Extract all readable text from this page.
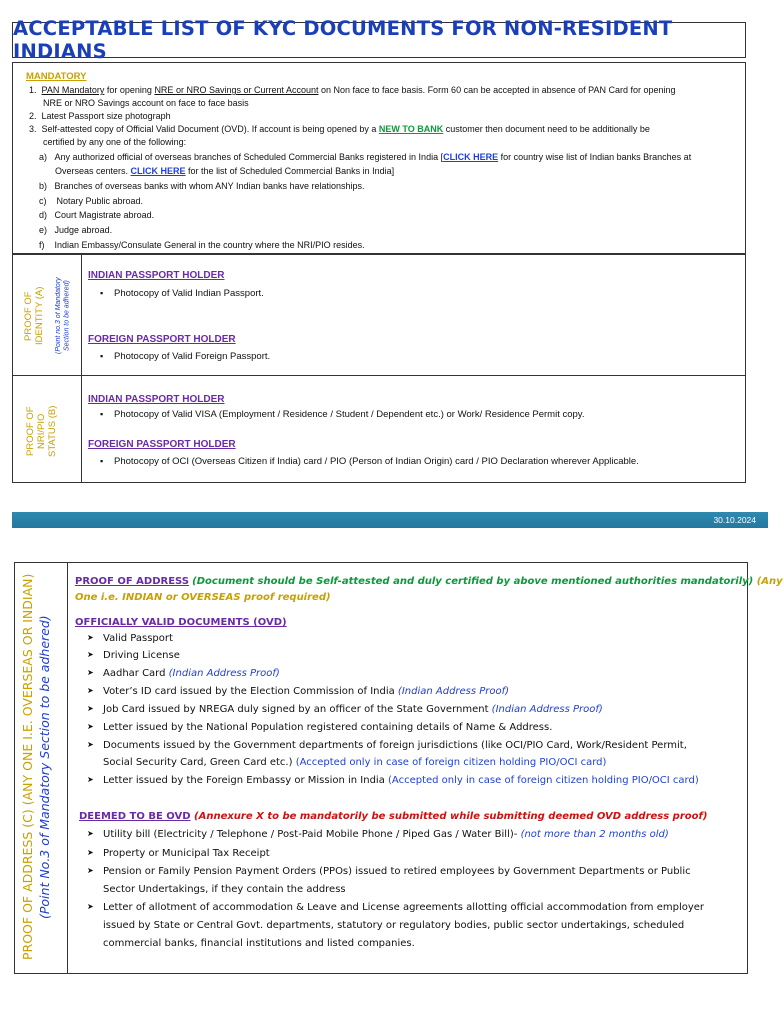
ACCEPTABLE LIST OF KYC DOCUMENTS FOR NON-RESIDENT INDIANS
MANDATORY
1. PAN Mandatory for opening NRE or NRO Savings or Current Account on Non face to face basis. Form 60 can be accepted in absence of PAN Card for opening
NRE or NRO Savings account on face to face basis
2. Latest Passport size photograph
3. Self-attested copy of Official Valid Document (OVD). If account is being opened by a NEW TO BANK customer then document need to be additionally be
certified by any one of the following:
a) Any authorized official of overseas branches of Scheduled Commercial Banks registered in India [CLICK HERE for country wise list of Indian banks Branches at
Overseas centers. CLICK HERE for the list of Scheduled Commercial Banks in India]
b) Branches of overseas banks with whom ANY Indian banks have relationships.
c) Notary Public abroad.
d) Court Magistrate abroad.
e) Judge abroad.
f) Indian Embassy/Consulate General in the country where the NRI/PIO resides.
PROOF OF
IDENTITY (A) (Point no.3 of Mandatory Section to be adhered)
INDIAN PASSPORT HOLDER
▪ Photocopy of Valid Indian Passport.
FOREIGN PASSPORT HOLDER
▪ Photocopy of Valid Foreign Passport.
PROOF OF
NRI/PIO
STATUS (B)
INDIAN PASSPORT HOLDER
▪ Photocopy of Valid VISA (Employment / Residence / Student / Dependent etc.) or Work/ Residence Permit copy.
FOREIGN PASSPORT HOLDER
▪ Photocopy of OCI (Overseas Citizen if India) card / PIO (Person of Indian Origin) card / PIO Declaration wherever Applicable.
30.10.2024
PROOF OF ADDRESS (C) (ANY ONE I.E. OVERSEAS OR INDIAN) (Point No.3 of Mandatory Section to be adhered)
PROOF OF ADDRESS (Document should be Self-attested and duly certified by above mentioned authorities mandatorily) (Any
One i.e. INDIAN or OVERSEAS proof required)
OFFICIALLY VALID DOCUMENTS (OVD)
➤ Valid Passport
➤ Driving License
➤ Aadhar Card (Indian Address Proof)
➤ Voter’s ID card issued by the Election Commission of India (Indian Address Proof)
➤ Job Card issued by NREGA duly signed by an officer of the State Government (Indian Address Proof)
➤ Letter issued by the National Population registered containing details of Name & Address.
➤ Documents issued by the Government departments of foreign jurisdictions (like OCI/PIO Card, Work/Resident Permit,
Social Security Card, Green Card etc.) (Accepted only in case of foreign citizen holding PIO/OCI card)
➤ Letter issued by the Foreign Embassy or Mission in India (Accepted only in case of foreign citizen holding PIO/OCI card)
DEEMED TO BE OVD (Annexure X to be mandatorily be submitted while submitting deemed OVD address proof)
➤ Utility bill (Electricity / Telephone / Post-Paid Mobile Phone / Piped Gas / Water Bill)- (not more than 2 months old)
➤ Property or Municipal Tax Receipt
➤ Pension or Family Pension Payment Orders (PPOs) issued to retired employees by Government Departments or Public
Sector Undertakings, if they contain the address
➤ Letter of allotment of accommodation & Leave and License agreements allotting official accommodation from employer
issued by State or Central Govt. departments, statutory or regulatory bodies, public sector undertakings, scheduled
commercial banks, financial institutions and listed companies.
